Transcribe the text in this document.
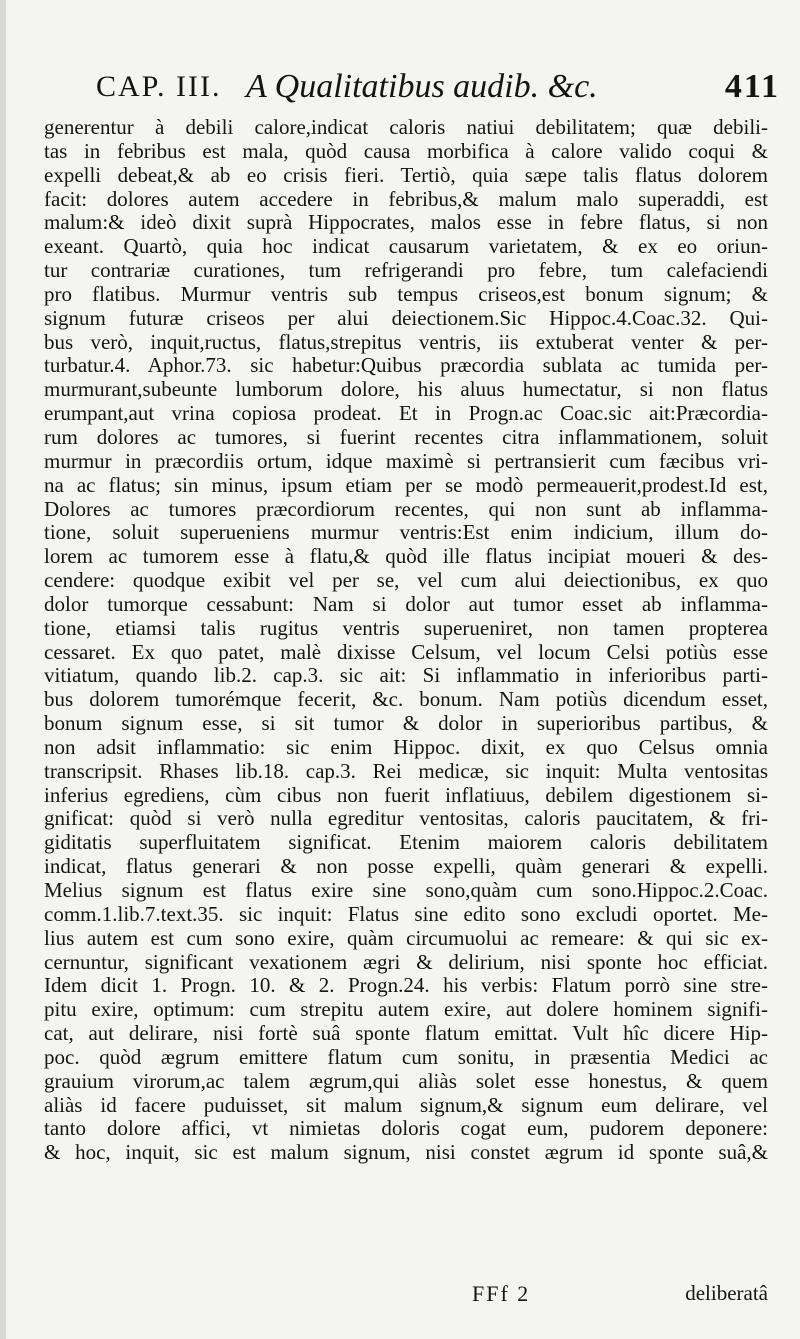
CAP. III. A Qualitatibus audib. &c.	411
generentur à debili calore,indicat caloris natiui debilitatem; quæ debili-
tas in febribus est mala, quòd causa morbifica à calore valido coqui &
expelli debeat,& ab eo crisis fieri. Tertiò, quia sæpe talis flatus dolorem
facit: dolores autem accedere in febribus,& malum malo superaddi, est
malum:& ideò dixit suprà Hippocrates, malos esse in febre flatus, si non
exeant. Quartò, quia hoc indicat causarum varietatem, & ex eo oriun-
tur contrariæ curationes, tum refrigerandi pro febre, tum calefaciendi
pro flatibus. Murmur ventris sub tempus criseos,est bonum signum; &
signum futuræ criseos per alui deiectionem.Sic Hippoc.4.Coac.32. Qui-
bus verò, inquit,ructus, flatus,strepitus ventris, iis extuberat venter & per-
turbatur.4. Aphor.73. sic habetur:Quibus præcordia sublata ac tumida per-
murmurant,subeunte lumborum dolore, his aluus humectatur, si non flatus
erumpant,aut vrina copiosa prodeat. Et in Progn.ac Coac.sic ait:Præcordia-
rum dolores ac tumores, si fuerint recentes citra inflammationem, soluit
murmur in præcordiis ortum, idque maximè si pertransierit cum fæcibus vri-
na ac flatus; sin minus, ipsum etiam per se modò permeauerit,prodest.Id est,
Dolores ac tumores præcordiorum recentes, qui non sunt ab inflamma-
tione, soluit superueniens murmur ventris:Est enim indicium, illum do-
lorem ac tumorem esse à flatu,& quòd ille flatus incipiat moueri & des-
cendere: quodque exibit vel per se, vel cum alui deiectionibus, ex quo
dolor tumorque cessabunt: Nam si dolor aut tumor esset ab inflamma-
tione, etiamsi talis rugitus ventris superueniret, non tamen propterea
cessaret. Ex quo patet, malè dixisse Celsum, vel locum Celsi potiùs esse
vitiatum, quando lib.2. cap.3. sic ait: Si inflammatio in inferioribus parti-
bus dolorem tumorémque fecerit, &c. bonum. Nam potiùs dicendum esset,
bonum signum esse, si sit tumor & dolor in superioribus partibus, &
non adsit inflammatio: sic enim Hippoc. dixit, ex quo Celsus omnia
transcripsit. Rhases lib.18. cap.3. Rei medicæ, sic inquit: Multa ventositas
inferius egrediens, cùm cibus non fuerit inflatiuus, debilem digestionem si-
gnificat: quòd si verò nulla egreditur ventositas, caloris paucitatem, & fri-
giditatis superfluitatem significat. Etenim maiorem caloris debilitatem
indicat, flatus generari & non posse expelli, quàm generari & expelli.
Melius signum est flatus exire sine sono,quàm cum sono.Hippoc.2.Coac.
comm.1.lib.7.text.35. sic inquit: Flatus sine edito sono excludi oportet. Me-
lius autem est cum sono exire, quàm circumuolui ac remeare: & qui sic ex-
cernuntur, significant vexationem ægri & delirium, nisi sponte hoc efficiat.
Idem dicit 1. Progn. 10. & 2. Progn.24. his verbis: Flatum porrò sine stre-
pitu exire, optimum: cum strepitu autem exire, aut dolere hominem signifi-
cat, aut delirare, nisi fortè suâ sponte flatum emittat. Vult hîc dicere Hip-
poc. quòd ægrum emittere flatum cum sonitu, in præsentia Medici ac
grauium virorum,ac talem ægrum,qui aliàs solet esse honestus, & quem
aliàs id facere puduisset, sit malum signum,& signum eum delirare, vel
tanto dolore affici, vt nimietas doloris cogat eum, pudorem deponere:
& hoc, inquit, sic est malum signum, nisi constet ægrum id sponte suâ,&
FFf 2	deliberatâ
